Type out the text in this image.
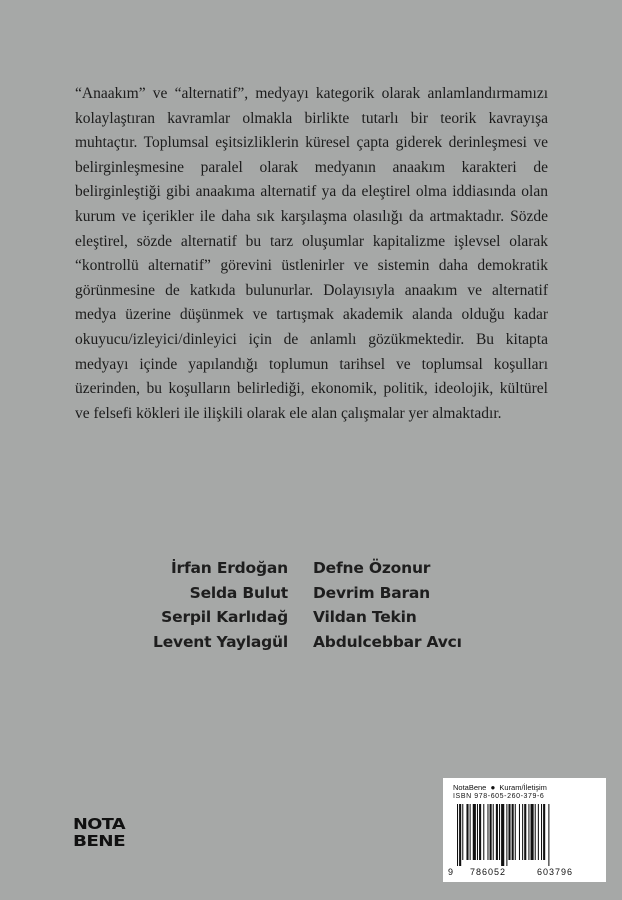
“Anaakım” ve “alternatif”, medyayı kategorik olarak anlamlandırmamızı kolaylaştıran kavramlar olmakla birlikte tutarlı bir teorik kavrayışa muhtaçtır. Toplumsal eşitsizliklerin küresel çapta giderek derinleşmesi ve belirginleşmesine paralel olarak medyanın anaakım karakteri de belirginleştiği gibi anaakıma alternatif ya da eleştirel olma iddiasında olan kurum ve içerikler ile daha sık karşılaşma olasılığı da artmaktadır. Sözde eleştirel, sözde alternatif bu tarz oluşumlar kapitalizme işlevsel olarak “kontrollü alternatif” görevini üstlenirler ve sistemin daha demokratik görünmesine de katkıda bulunurlar. Dolayısıyla anaakım ve alternatif medya üzerine düşünmek ve tartışmak akademik alanda olduğu kadar okuyucu/izleyici/dinleyici için de anlamlı gözükmektedir. Bu kitapta medyayı içinde yapılandığı toplumun tarihsel ve toplumsal koşulları üzerinden, bu koşulların belirlediği, ekonomik, politik, ideolojik, kültürel ve felsefi kökleri ile ilişkili olarak ele alan çalışmalar yer almaktadır.

İrfan Erdoğan
Selda Bulut
Serpil Karlıdağ
Levent Yaylagül
Defne Özonur
Devrim Baran
Vildan Tekin
Abdulcebbar Avcı
NOTA
BENE
NotaBene ● Kuram/İletişim
ISBN 978-605-260-379-6
9 786052	603796
